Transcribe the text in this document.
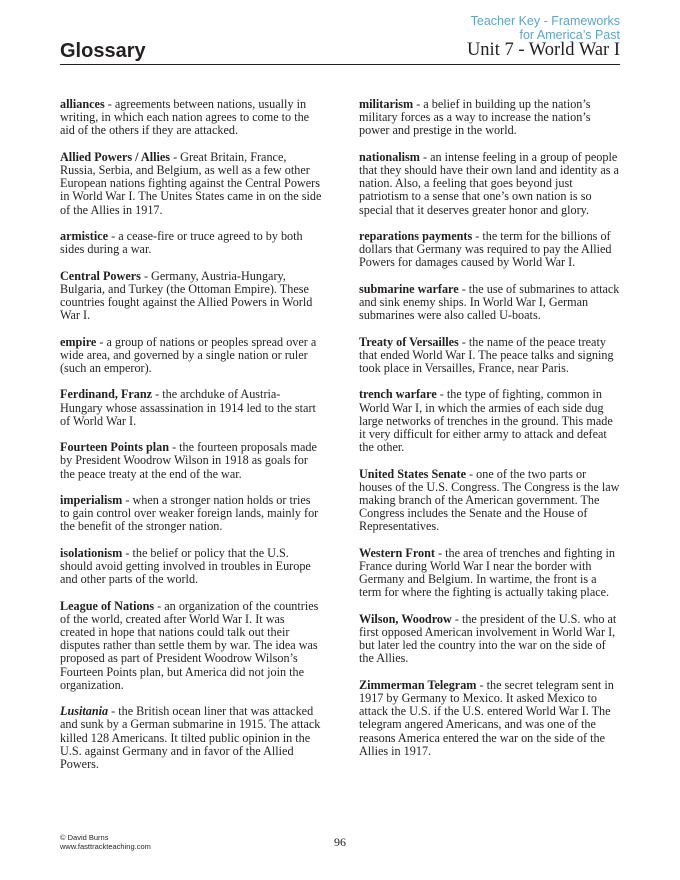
Teacher Key - Frameworks
for America’s Past
Glossary	Unit 7 - World War I

alliances - agreements between nations, usually in writing, in which each nation agrees to come to the aid of the others if they are attacked.

Allied Powers / Allies - Great Britain, France, Russia, Serbia, and Belgium, as well as a few other European nations fighting against the Central Powers in World War I. The Unites States came in on the side of the Allies in 1917.

armistice - a cease-fire or truce agreed to by both sides during a war.

Central Powers - Germany, Austria-Hungary, Bulgaria, and Turkey (the Ottoman Empire). These countries fought against the Allied Powers in World War I.

empire - a group of nations or peoples spread over a wide area, and governed by a single nation or ruler (such an emperor).

Ferdinand, Franz - the archduke of Austria-Hungary whose assassination in 1914 led to the start of World War I.

Fourteen Points plan - the fourteen proposals made by President Woodrow Wilson in 1918 as goals for the peace treaty at the end of the war.

imperialism - when a stronger nation holds or tries to gain control over weaker foreign lands, mainly for the benefit of the stronger nation.

isolationism - the belief or policy that the U.S. should avoid getting involved in troubles in Europe and other parts of the world.

League of Nations - an organization of the countries of the world, created after World War I. It was created in hope that nations could talk out their disputes rather than settle them by war. The idea was proposed as part of President Woodrow Wilson’s Fourteen Points plan, but America did not join the organization.

Lusitania - the British ocean liner that was attacked and sunk by a German submarine in 1915. The attack killed 128 Americans. It tilted public opinion in the U.S. against Germany and in favor of the Allied Powers.

militarism - a belief in building up the nation’s military forces as a way to increase the nation’s power and prestige in the world.

nationalism - an intense feeling in a group of people that they should have their own land and identity as a nation. Also, a feeling that goes beyond just patriotism to a sense that one’s own nation is so special that it deserves greater honor and glory.

reparations payments - the term for the billions of dollars that Germany was required to pay the Allied Powers for damages caused by World War I.

submarine warfare - the use of submarines to attack and sink enemy ships. In World War I, German submarines were also called U-boats.

Treaty of Versailles - the name of the peace treaty that ended World War I. The peace talks and signing took place in Versailles, France, near Paris.

trench warfare - the type of fighting, common in World War I, in which the armies of each side dug large networks of trenches in the ground. This made it very difficult for either army to attack and defeat the other.

United States Senate - one of the two parts or houses of the U.S. Congress. The Congress is the law making branch of the American government. The Congress includes the Senate and the House of Representatives.

Western Front - the area of trenches and fighting in France during World War I near the border with Germany and Belgium. In wartime, the front is a term for where the fighting is actually taking place.

Wilson, Woodrow - the president of the U.S. who at first opposed American involvement in World War I, but later led the country into the war on the side of the Allies.

Zimmerman Telegram - the secret telegram sent in 1917 by Germany to Mexico. It asked Mexico to attack the U.S. if the U.S. entered World War I. The telegram angered Americans, and was one of the reasons America entered the war on the side of the Allies in 1917.

© David Burns
www.fasttrackteaching.com	96
